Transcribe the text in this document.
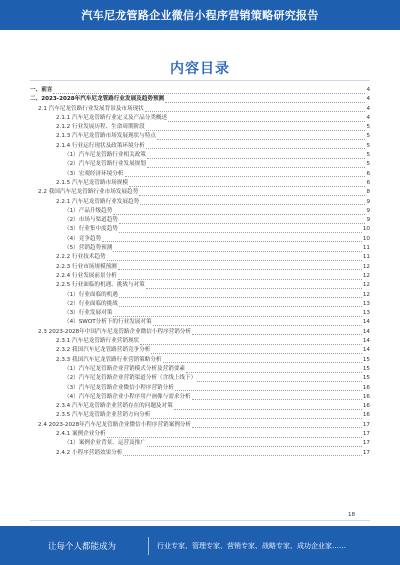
汽车尼龙管路企业微信小程序营销策略研究报告
内容目录
一、前言	4
二、2023-2028年汽车尼龙管路行业发展及趋势预测	4
2.1 汽车尼龙管路行业发展背景及市场现状	4
2.1.1 汽车尼龙管路行业定义及产品分类概述	4
2.1.2 行业发展历程、生命周期阶段	5
2.1.3 汽车尼龙管路市场发展现状与特点	5
2.1.4 行业运行现状及政策环境分析	5
（1）汽车尼龙管路行业相关政策	5
（2）汽车尼龙管路行业发展规划	5
（3）宏观经济环境分析	6
2.1.5 汽车尼龙管路市场规模	6
2.2 我国汽车尼龙管路行业市场发展趋势	8
2.2.1 汽车尼龙管路行业发展趋势	9
（1）产品升级趋势	9
（2）市场与渠道趋势	9
（3）行业集中度趋势	10
（4）竞争趋势	10
（5）营销趋势预测	11
2.2.2 行业技术趋势	11
2.2.3 行业市场规模预测	12
2.2.4 行业发展前景分析	12
2.2.5 行业面临的机遇、挑战与对策	12
（1）行业面临的机遇	12
（2）行业面临的挑战	13
（3）行业发展对策	13
（4）SWOT分析下的行业发展对策	14
2.3 2023-2028年中国汽车尼龙管路企业微信小程序营销分析	14
2.3.1 汽车尼龙管路行业营销现状	14
2.3.2 我国汽车尼龙管路营销竞争分析	14
2.3.3 我国汽车尼龙管路行业营销策略分析	15
（1）汽车尼龙管路企业营销模式分析及营销要素	15
（2）汽车尼龙管路企业营销渠道分析（含线上线下）	15
（3）汽车尼龙管路企业微信小程序营销分析	16
（4）汽车尼龙管路企业小程序用户画像与需求分析	16
2.3.4 汽车尼龙管路企业营销存在的问题及对策	16
2.3.5 汽车尼龙管路企业营销方向分析	16
2.4 2023-2028年汽车尼龙管路企业微信小程序营销案例分析	17
2.4.1 案例企业分析	17
（1）案例企业背景、运营及推广	17
2.4.2 小程序营销效果分析	17
18
让每个人都能成为	行业专家、管理专家、营销专家、战略专家、成功企业家……
